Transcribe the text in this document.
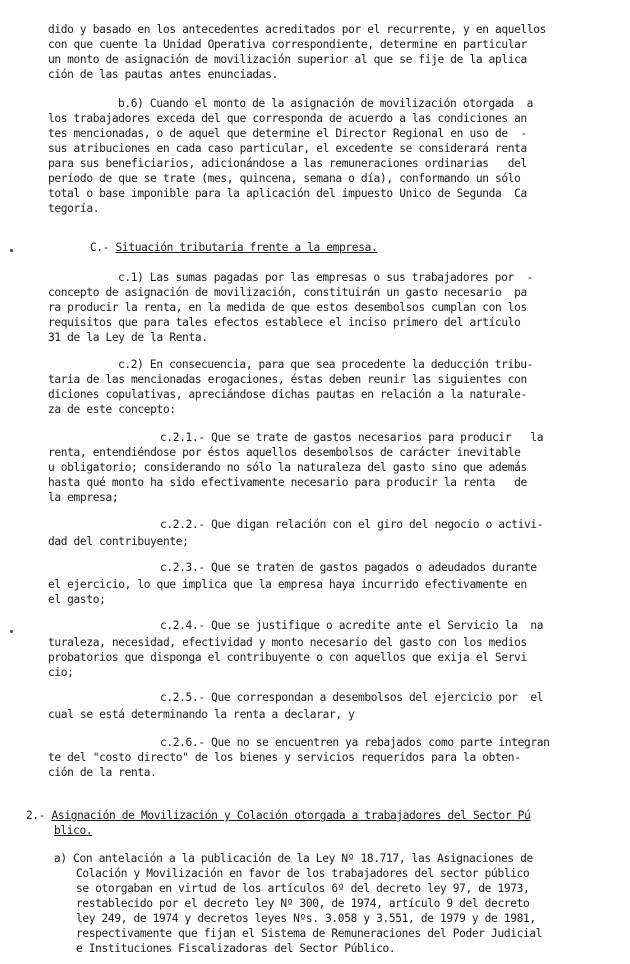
dido y basado en los antecedentes acreditados por el recurrente, y en aquellos
con que cuente la Unidad Operativa correspondiente, determine en particular
un monto de asignación de movilización superior al que se fije de la aplica
ción de las pautas antes enunciadas.
b.6) Cuando el monto de la asignación de movilización otorgada  a
los trabajadores exceda del que corresponda de acuerdo a las condiciones an
tes mencionadas, o de aquel que determine el Director Regional en uso de  -
sus atribuciones en cada caso particular, el excedente se considerará renta
para sus beneficiarios, adicionándose a las remuneraciones ordinarias   del
período de que se trate (mes, quincena, semana o día), conformando un sólo
total o base imponible para la aplicación del impuesto Unico de Segunda  Ca
tegoría.
C.- Situación tributaria frente a la empresa.
c.1) Las sumas pagadas por las empresas o sus trabajadores por  -
concepto de asignación de movilización, constituirán un gasto necesario  pa
ra producir la renta, en la medida de que estos desembolsos cumplan con los
requisitos que para tales efectos establece el inciso primero del artículo
31 de la Ley de la Renta.
c.2) En consecuencia, para que sea procedente la deducción tribu-
taria de las mencionadas erogaciones, éstas deben reunir las siguientes con
diciones copulativas, apreciándose dichas pautas en relación a la naturale-
za de este concepto:
c.2.1.- Que se trate de gastos necesarios para producir   la
renta, entendiéndose por éstos aquellos desembolsos de carácter inevitable
u obligatorio; considerando no sólo la naturaleza del gasto sino que además
hasta qué monto ha sido efectivamente necesario para producir la renta   de
la empresa;
c.2.2.- Que digan relación con el giro del negocio o activi-
dad del contribuyente;
c.2.3.- Que se traten de gastos pagados o adeudados durante
el ejercicio, lo que implica que la empresa haya incurrido efectivamente en
el gasto;
c.2.4.- Que se justifique o acredite ante el Servicio la  na
turaleza, necesidad, efectividad y monto necesario del gasto con los medios
probatorios que disponga el contribuyente o con aquellos que exija el Servi
cio;
c.2.5.- Que correspondan a desembolsos del ejercicio por  el
cual se está determinando la renta a declarar, y
c.2.6.- Que no se encuentren ya rebajados como parte integran
te del "costo directo" de los bienes y servicios requeridos para la obten-
ción de la renta.
2.- Asignación de Movilización y Colación otorgada a trabajadores del Sector Pú
blico.
a) Con antelación a la publicación de la Ley Nº 18.717, las Asignaciones de
Colación y Movilización en favor de los trabajadores del sector público
se otorgaban en virtud de los artículos 6º del decreto ley 97, de 1973,
restablecido por el decreto ley Nº 300, de 1974, artículo 9 del decreto
ley 249, de 1974 y decretos leyes Nºs. 3.058 y 3.551, de 1979 y de 1981,
respectivamente que fijan el Sistema de Remuneraciones del Poder Judicial
e Instituciones Fiscalizadoras del Sector Público.
